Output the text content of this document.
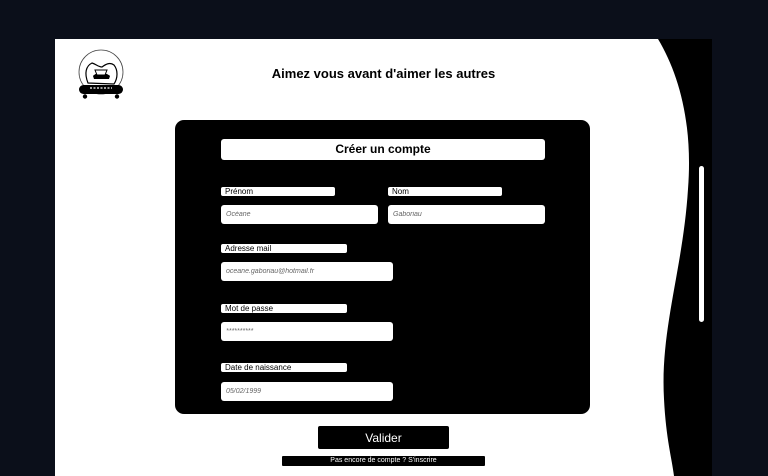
Aimez vous avant d'aimer les autres
Créer un compte
Prénom
Océane	Nom
Gaboriau
Adresse mail
oceane.gaboriau@hotmail.fr
Mot de passe
**********
Date de naissance
05/02/1999
Valider
Pas encore de compte ? S'inscrire
